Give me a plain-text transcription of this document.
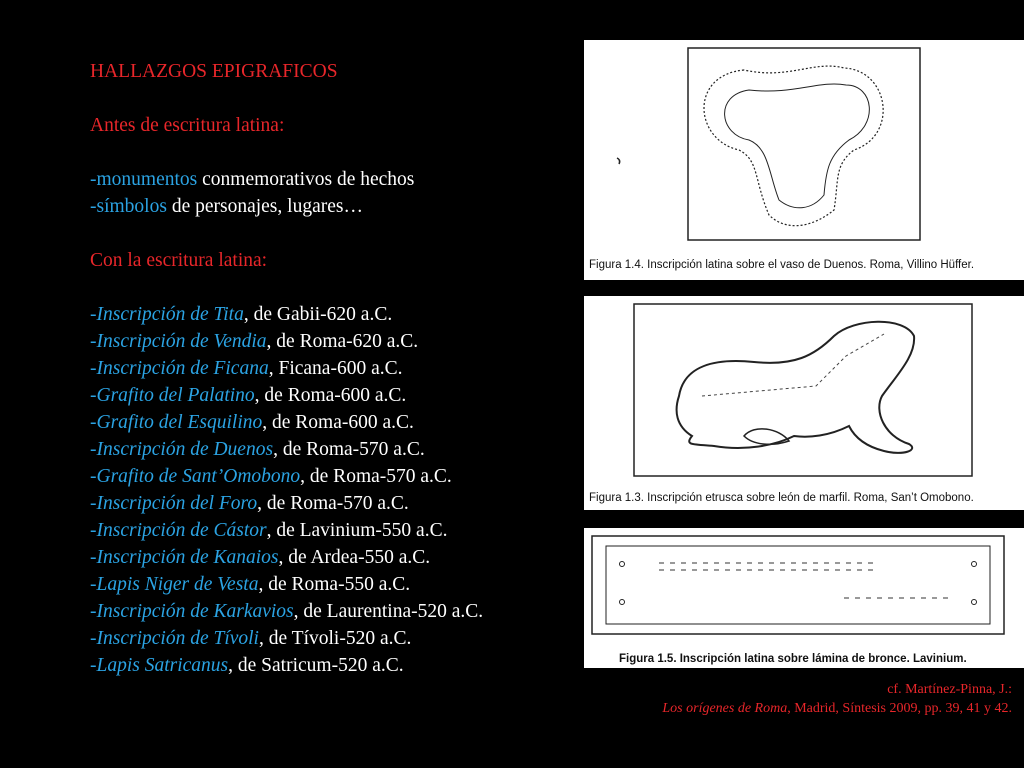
HALLAZGOS EPIGRAFICOS

Antes de escritura latina:

-monumentos conmemorativos de hechos

-símbolos de personajes, lugares…

Con la escritura latina:

-Inscripción de Tita, de Gabii-620 a.C.

-Inscripción de Vendia, de Roma-620 a.C.

-Inscripción de Ficana, Ficana-600 a.C.

-Grafito del Palatino, de Roma-600 a.C.

-Grafito del Esquilino, de Roma-600 a.C.

-Inscripción de Duenos, de Roma-570 a.C.

-Grafito de Sant’Omobono, de Roma-570 a.C.

-Inscripción del Foro, de Roma-570 a.C.

-Inscripción de Cástor, de Lavinium-550 a.C.

-Inscripción de Kanaios, de Ardea-550 a.C.

-Lapis Niger de Vesta, de Roma-550 a.C.

-Inscripción de Karkavios, de Laurentina-520 a.C.

-Inscripción de Tívoli, de Tívoli-520 a.C.

-Lapis Satricanus, de Satricum-520 a.C.

Figura 1.4. Inscripción latina sobre el vaso de Duenos. Roma, Villino Hüffer.
Figura 1.3. Inscripción etrusca sobre león de marfil. Roma, San’t Omobono.
Figura 1.5. Inscripción latina sobre lámina de bronce. Lavinium.
cf. Martínez-Pinna, J.:
Los orígenes de Roma, Madrid, Síntesis 2009, pp. 39, 41 y 42.
